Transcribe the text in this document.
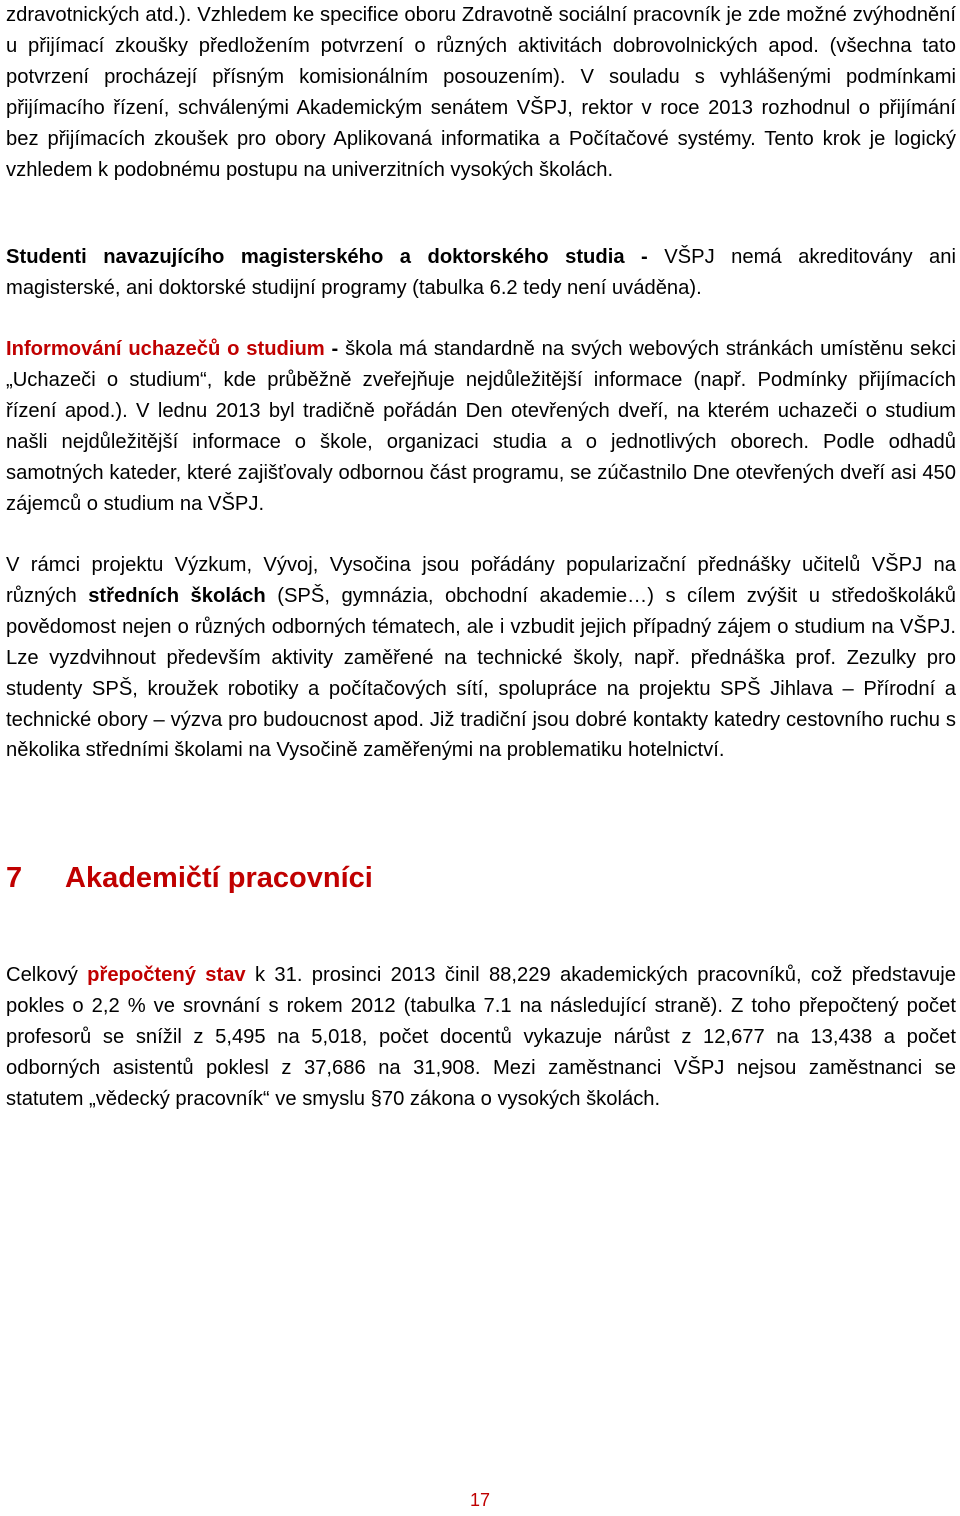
zdravotnických atd.). Vzhledem ke specifice oboru Zdravotně sociální pracovník je zde možné zvýhodnění u přijímací zkoušky předložením potvrzení o různých aktivitách dobrovolnických apod. (všechna tato potvrzení procházejí přísným komisionálním posouzením). V souladu s vyhlášenými podmínkami přijímacího řízení, schválenými Akademickým senátem VŠPJ, rektor v roce 2013 rozhodnul o přijímání bez přijímacích zkoušek pro obory Aplikovaná informatika a Počítačové systémy. Tento krok je logický vzhledem k podobnému postupu na univerzitních vysokých školách.

Studenti navazujícího magisterského a doktorského studia - VŠPJ nemá akreditovány ani magisterské, ani doktorské studijní programy (tabulka 6.2 tedy není uváděna).

Informování uchazečů o studium - škola má standardně na svých webových stránkách umístěnu sekci „Uchazeči o studium“, kde průběžně zveřejňuje nejdůležitější informace (např. Podmínky přijímacích řízení apod.). V lednu 2013 byl tradičně pořádán Den otevřených dveří, na kterém uchazeči o studium našli nejdůležitější informace o škole, organizaci studia a o jednotlivých oborech. Podle odhadů samotných kateder, které zajišťovaly odbornou část programu, se zúčastnilo Dne otevřených dveří asi 450 zájemců o studium na VŠPJ.

V rámci projektu Výzkum, Vývoj, Vysočina jsou pořádány popularizační přednášky učitelů VŠPJ na různých středních školách (SPŠ, gymnázia, obchodní akademie…) s cílem zvýšit u středoškoláků povědomost nejen o různých odborných tématech, ale i vzbudit jejich případný zájem o studium na VŠPJ. Lze vyzdvihnout především aktivity zaměřené na technické školy, např. přednáška prof. Zezulky pro studenty SPŠ, kroužek robotiky a počítačových sítí, spolupráce na projektu SPŠ Jihlava – Přírodní a technické obory – výzva pro budoucnost apod. Již tradiční jsou dobré kontakty katedry cestovního ruchu s několika středními školami na Vysočině zaměřenými na problematiku hotelnictví.

7 Akademičtí pracovníci

Celkový přepočtený stav k 31. prosinci 2013 činil 88,229 akademických pracovníků, což představuje pokles o 2,2 % ve srovnání s rokem 2012 (tabulka 7.1 na následující straně). Z toho přepočtený počet profesorů se snížil z 5,495 na 5,018, počet docentů vykazuje nárůst z 12,677 na 13,438 a počet odborných asistentů poklesl z 37,686 na 31,908. Mezi zaměstnanci VŠPJ nejsou zaměstnanci se statutem „vědecký pracovník“ ve smyslu §70 zákona o vysokých školách.

17
